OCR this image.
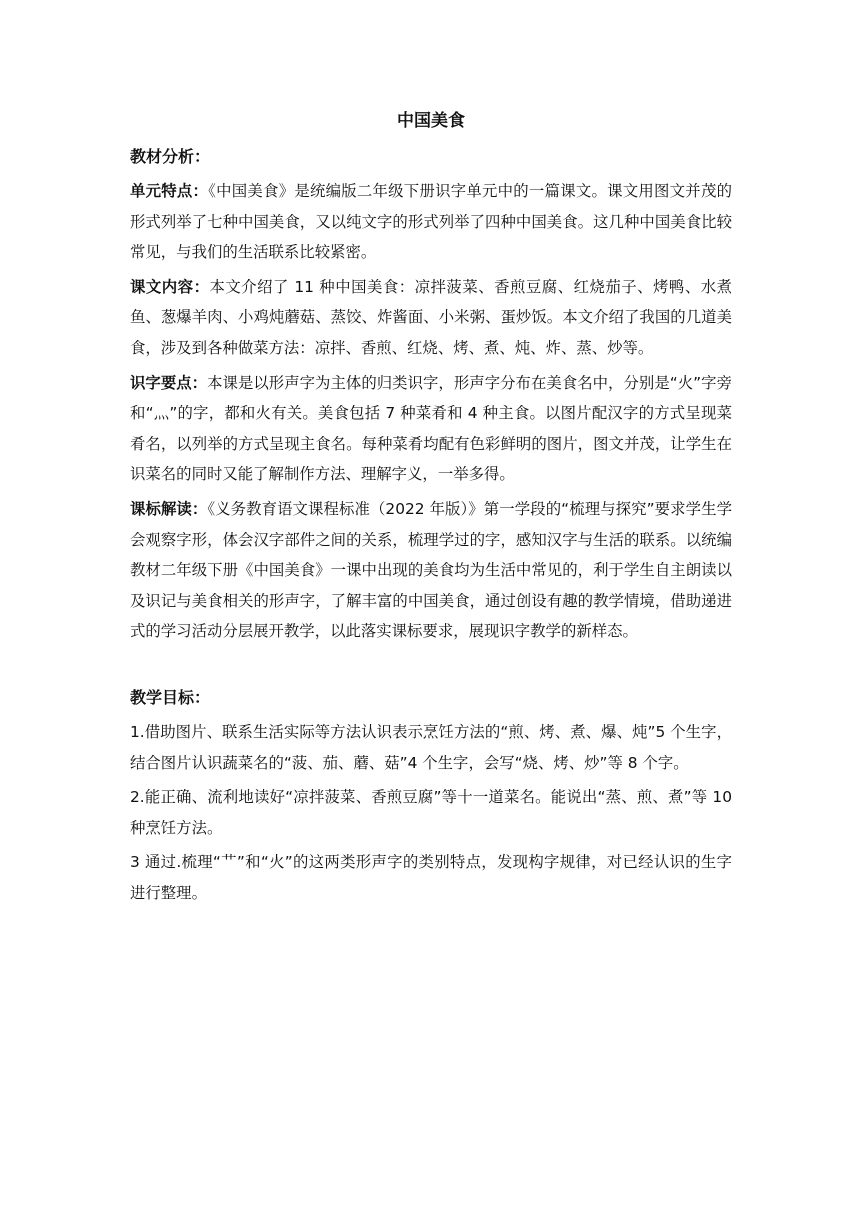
中国美食
教材分析：

单元特点：《中国美食》是统编版二年级下册识字单元中的一篇课文。课文用图文并茂的形式列举了七种中国美食，又以纯文字的形式列举了四种中国美食。这几种中国美食比较常见，与我们的生活联系比较紧密。

课文内容：本文介绍了 11 种中国美食：凉拌菠菜、香煎豆腐、红烧茄子、烤鸭、水煮鱼、葱爆羊肉、小鸡炖蘑菇、蒸饺、炸酱面、小米粥、蛋炒饭。本文介绍了我国的几道美食，涉及到各种做菜方法：凉拌、香煎、红烧、烤、煮、炖、炸、蒸、炒等。

识字要点：本课是以形声字为主体的归类识字，形声字分布在美食名中，分别是“火”字旁和“灬”的字，都和火有关。美食包括 7 种菜肴和 4 种主食。以图片配汉字的方式呈现菜肴名，以列举的方式呈现主食名。每种菜肴均配有色彩鲜明的图片，图文并茂，让学生在识菜名的同时又能了解制作方法、理解字义，一举多得。

课标解读：《义务教育语文课程标准（2022 年版）》第一学段的“梳理与探究”要求学生学会观察字形，体会汉字部件之间的关系，梳理学过的字，感知汉字与生活的联系。以统编教材二年级下册《中国美食》一课中出现的美食均为生活中常见的，利于学生自主朗读以及识记与美食相关的形声字，了解丰富的中国美食，通过创设有趣的教学情境，借助递进式的学习活动分层展开教学，以此落实课标要求，展现识字教学的新样态。

教学目标：

1.借助图片、联系生活实际等方法认识表示烹饪方法的“煎、烤、煮、爆、炖”5 个生字，结合图片认识蔬菜名的“菠、茄、蘑、菇”4 个生字，会写“烧、烤、炒”等 8 个字。

2.能正确、流利地读好“凉拌菠菜、香煎豆腐”等十一道菜名。能说出“蒸、煎、煮”等 10 种烹饪方法。

3 通过.梳理“艹”和“火”的这两类形声字的类别特点，发现构字规律，对已经认识的生字进行整理。
